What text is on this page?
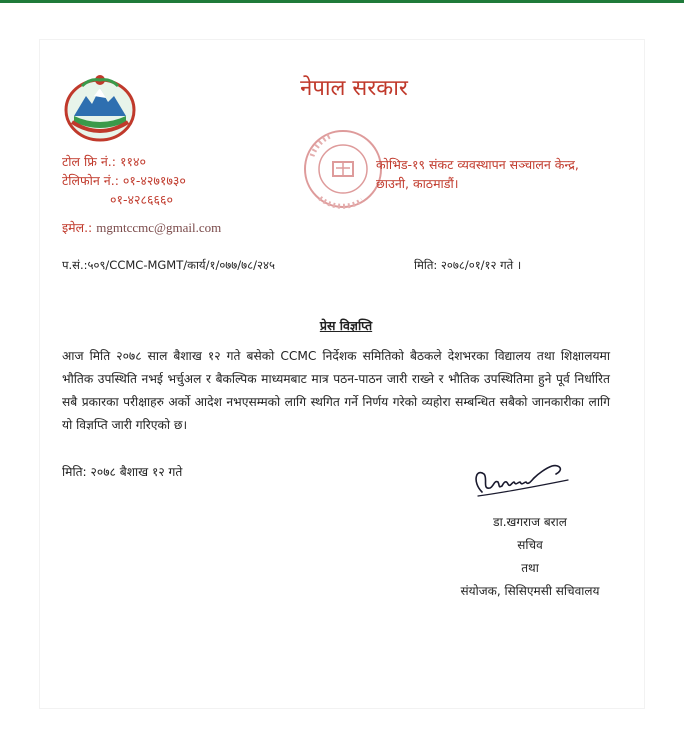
नेपाल सरकार
टोल फ्रि नं.: ११४०
टेलिफोन नं.: ०१-४२७१७३०
०१-४२८६६६०
इमेल.: mgmtccmc@gmail.com
कोभिड-१९ संकट व्यवस्थापन सञ्चालन केन्द्र,
छाउनी, काठमाडौं।
प.सं.:५०९/CCMC-MGMT/कार्य/१/०७७/७८/२४५	मिति: २०७८/०१/१२ गते ।
प्रेस विज्ञप्ति
आज मिति २०७८ साल बैशाख १२ गते बसेको CCMC निर्देशक समितिको बैठकले देशभरका विद्यालय तथा शिक्षालयमा भौतिक उपस्थिति नभई भर्चुअल र बैकल्पिक माध्यमबाट मात्र पठन-पाठन जारी राख्ने र भौतिक उपस्थितिमा हुने पूर्व निर्धारित सबै प्रकारका परीक्षाहरु अर्को आदेश नभएसम्मको लागि स्थगित गर्ने निर्णय गरेको व्यहोरा सम्बन्धित सबैको जानकारीका लागि यो विज्ञप्ति जारी गरिएको छ।
मिति: २०७८ बैशाख १२ गते
डा.खगराज बराल
सचिव
तथा
संयोजक, सिसिएमसी सचिवालय
